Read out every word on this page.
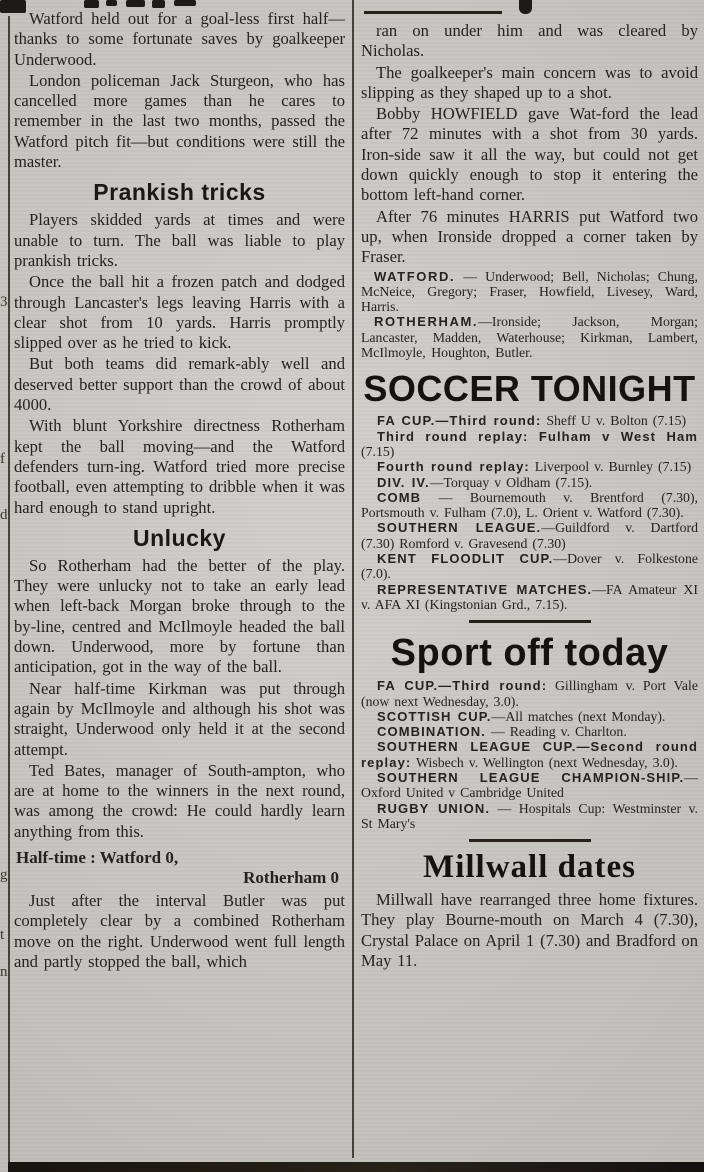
3
f
d
g
t
n

Watford held out for a goal-less first half—thanks to some fortunate saves by goalkeeper Underwood.

London policeman Jack Sturgeon, who has cancelled more games than he cares to remember in the last two months, passed the Watford pitch fit—but conditions were still the master.

Prankish tricks

Players skidded yards at times and were unable to turn. The ball was liable to play prankish tricks.

Once the ball hit a frozen patch and dodged through Lancaster's legs leaving Harris with a clear shot from 10 yards. Harris promptly slipped over as he tried to kick.

But both teams did remark-ably well and deserved better support than the crowd of about 4000.

With blunt Yorkshire directness Rotherham kept the ball moving—and the Watford defenders turn-ing. Watford tried more precise football, even attempting to dribble when it was hard enough to stand upright.

Unlucky

So Rotherham had the better of the play. They were unlucky not to take an early lead when left-back Morgan broke through to the by-line, centred and McIlmoyle headed the ball down. Underwood, more by fortune than anticipation, got in the way of the ball.

Near half-time Kirkman was put through again by McIlmoyle and although his shot was straight, Underwood only held it at the second attempt.

Ted Bates, manager of South-ampton, who are at home to the winners in the next round, was among the crowd: He could hardly learn anything from this.

Half-time : Watford 0,
Rotherham 0

Just after the interval Butler was put completely clear by a combined Rotherham move on the right. Underwood went full length and partly stopped the ball, which

ran on under him and was cleared by Nicholas.

The goalkeeper's main concern was to avoid slipping as they shaped up to a shot.

Bobby HOWFIELD gave Wat-ford the lead after 72 minutes with a shot from 30 yards. Iron-side saw it all the way, but could not get down quickly enough to stop it entering the bottom left-hand corner.

After 76 minutes HARRIS put Watford two up, when Ironside dropped a corner taken by Fraser.

WATFORD. — Underwood; Bell, Nicholas; Chung, McNeice, Gregory; Fraser, Howfield, Livesey, Ward, Harris.

ROTHERHAM.—Ironside; Jackson, Morgan; Lancaster, Madden, Waterhouse; Kirkman, Lambert, McIlmoyle, Houghton, Butler.

SOCCER TONIGHT

FA CUP.—Third round: Sheff U v. Bolton (7.15)

Third round replay: Fulham v West Ham (7.15)

Fourth round replay: Liverpool v. Burnley (7.15)

DIV. IV.—Torquay v Oldham (7.15).

COMB — Bournemouth v. Brentford (7.30), Portsmouth v. Fulham (7.0), L. Orient v. Watford (7.30).

SOUTHERN LEAGUE.—Guildford v. Dartford (7.30) Romford v. Gravesend (7.30)

KENT FLOODLIT CUP.—Dover v. Folkestone (7.0).

REPRESENTATIVE MATCHES.—FA Amateur XI v. AFA XI (Kingstonian Grd., 7.15).

Sport off today

FA CUP.—Third round: Gillingham v. Port Vale (now next Wednesday, 3.0).

SCOTTISH CUP.—All matches (next Monday).

COMBINATION. — Reading v. Charlton.

SOUTHERN LEAGUE CUP.—Second round replay: Wisbech v. Wellington (next Wednesday, 3.0).

SOUTHERN LEAGUE CHAMPION-SHIP.—Oxford United v Cambridge United

RUGBY UNION. — Hospitals Cup: Westminster v. St Mary's

Millwall dates

Millwall have rearranged three home fixtures. They play Bourne-mouth on March 4 (7.30), Crystal Palace on April 1 (7.30) and Bradford on May 11.
